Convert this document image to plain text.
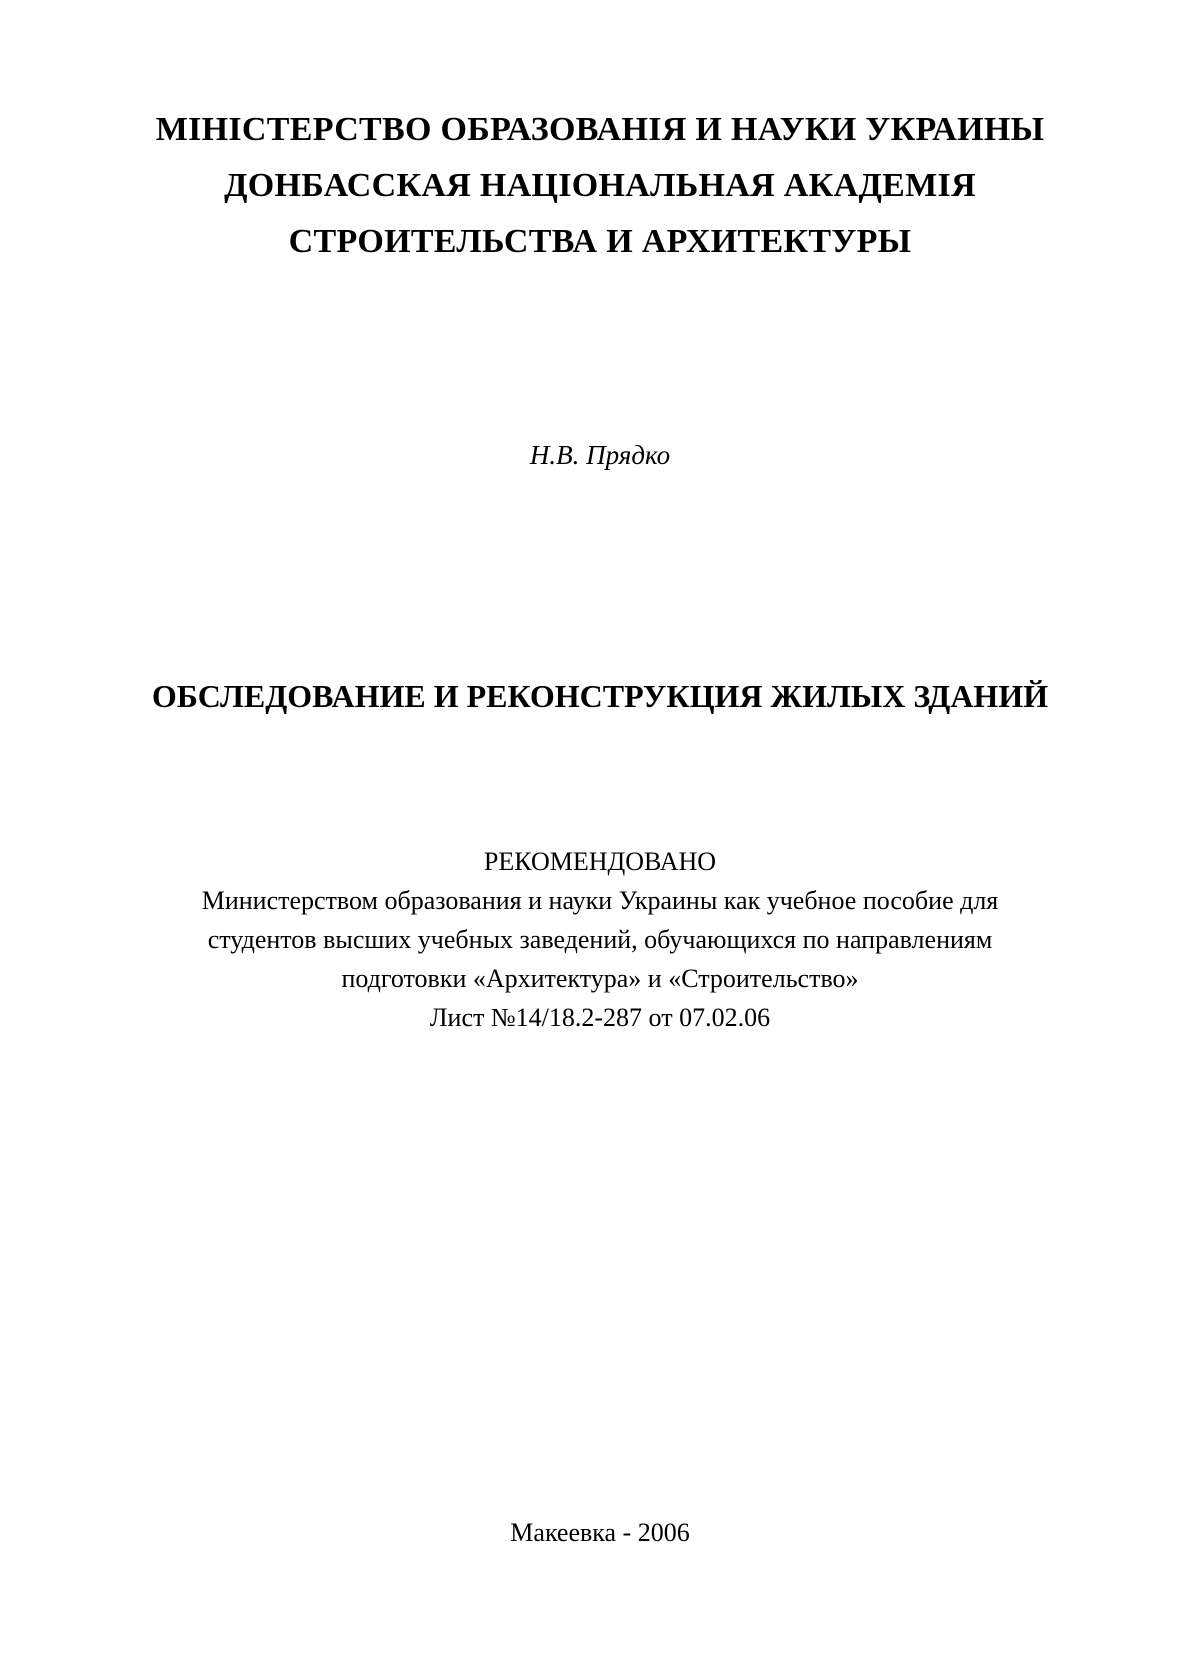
МІНІСТЕРСТВО ОБРАЗОВАНІЯ И НАУКИ УКРАИНЫ
ДОНБАССКАЯ НАЦІОНАЛЬНАЯ АКАДЕМІЯ
СТРОИТЕЛЬСТВА И АРХИТЕКТУРЫ
Н.В. Прядко
ОБСЛЕДОВАНИЕ И РЕКОНСТРУКЦИЯ ЖИЛЫХ ЗДАНИЙ
РЕКОМЕНДОВАНО
Министерством образования и науки Украины как учебное пособие для
студентов высших учебных заведений, обучающихся по направлениям
подготовки «Архитектура» и «Строительство»
Лист №14/18.2-287 от 07.02.06
Макеевка - 2006
